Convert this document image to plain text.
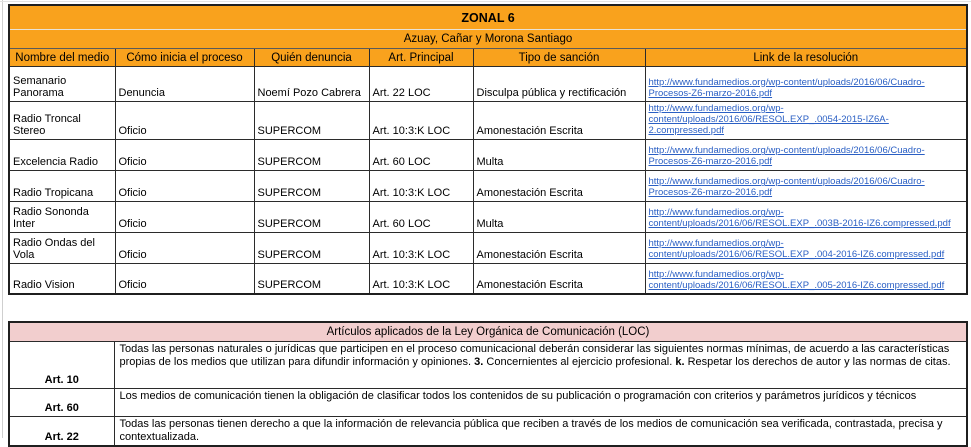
ZONAL 6					
Azuay, Cañar y Morona Santiago					
Nombre del medio	Cómo inicia el proceso	Quién denuncia	Art. Principal	Tipo de sanción	Link de la resolución
Semanario Panorama	Denuncia	Noemí Pozo Cabrera	Art. 22 LOC	Disculpa pública y rectificación	http://www.fundamedios.org/wp-content/uploads/2016/06/Cuadro-Procesos-Z6-marzo-2016.pdf
Radio Troncal Stereo	Oficio	SUPERCOM	Art. 10:3:K LOC	Amonestación Escrita	http://www.fundamedios.org/wp-content/uploads/2016/06/RESOL.EXP_.0054-2015-IZ6A-2.compressed.pdf
Excelencia Radio	Oficio	SUPERCOM	Art. 60 LOC	Multa	http://www.fundamedios.org/wp-content/uploads/2016/06/Cuadro-Procesos-Z6-marzo-2016.pdf
Radio Tropicana	Oficio	SUPERCOM	Art. 10:3:K LOC	Amonestación Escrita	http://www.fundamedios.org/wp-content/uploads/2016/06/Cuadro-Procesos-Z6-marzo-2016.pdf
Radio Sononda Inter	Oficio	SUPERCOM	Art. 60 LOC	Multa	http://www.fundamedios.org/wp-content/uploads/2016/06/RESOL.EXP_.003B-2016-IZ6.compressed.pdf
Radio Ondas del Vola	Oficio	SUPERCOM	Art. 10:3:K LOC	Amonestación Escrita	http://www.fundamedios.org/wp-content/uploads/2016/06/RESOL.EXP_.004-2016-IZ6.compressed.pdf
Radio Vision	Oficio	SUPERCOM	Art. 10:3:K LOC	Amonestación Escrita	http://www.fundamedios.org/wp-content/uploads/2016/06/RESOL.EXP_.005-2016-IZ6.compressed.pdf
Artículos aplicados de la Ley Orgánica de Comunicación (LOC)	
Art. 10	Todas las personas naturales o jurídicas que participen en el proceso comunicacional deberán considerar las siguientes normas mínimas, de acuerdo a las características propias de los medios que utilizan para difundir información y opiniones. 3. Concernientes al ejercicio profesional. k. Respetar los derechos de autor y las normas de citas.
Art. 60	Los medios de comunicación tienen la obligación de clasificar todos los contenidos de su publicación o programación con criterios y parámetros jurídicos y técnicos
Art. 22	Todas las personas tienen derecho a que la información de relevancia pública que reciben a través de los medios de comunicación sea verificada, contrastada, precisa y contextualizada.
